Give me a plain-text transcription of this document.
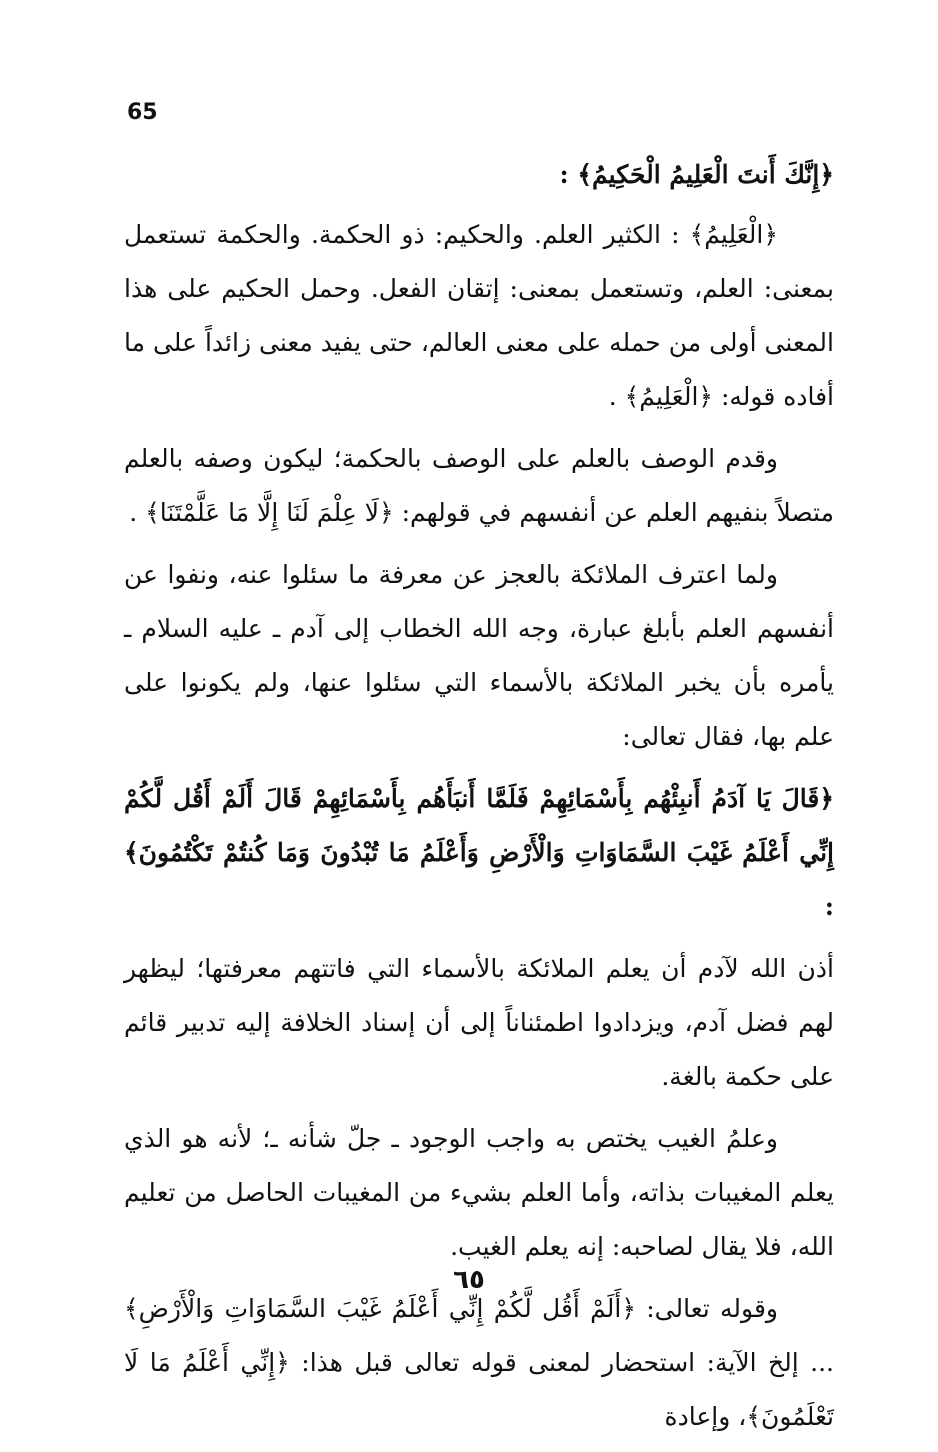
65

﴿إِنَّكَ أَنتَ الْعَلِيمُ الْحَكِيمُ﴾ :

﴿الْعَلِيمُ﴾ : الكثير العلم. والحكيم: ذو الحكمة. والحكمة تستعمل بمعنى: العلم، وتستعمل بمعنى: إتقان الفعل. وحمل الحكيم على هذا المعنى أولى من حمله على معنى العالم، حتى يفيد معنى زائداً على ما أفاده قوله: ﴿الْعَلِيمُ﴾ .

وقدم الوصف بالعلم على الوصف بالحكمة؛ ليكون وصفه بالعلم متصلاً بنفيهم العلم عن أنفسهم في قولهم: ﴿لَا عِلْمَ لَنَا إِلَّا مَا عَلَّمْتَنَا﴾ .

ولما اعترف الملائكة بالعجز عن معرفة ما سئلوا عنه، ونفوا عن أنفسهم العلم بأبلغ عبارة، وجه الله الخطاب إلى آدم ـ عليه السلام ـ يأمره بأن يخبر الملائكة بالأسماء التي سئلوا عنها، ولم يكونوا على علم بها، فقال تعالى:

﴿قَالَ يَا آدَمُ أَنبِئْهُم بِأَسْمَائِهِمْ فَلَمَّا أَنبَأَهُم بِأَسْمَائِهِمْ قَالَ أَلَمْ أَقُل لَّكُمْ إِنِّي أَعْلَمُ غَيْبَ السَّمَاوَاتِ وَالْأَرْضِ وَأَعْلَمُ مَا تُبْدُونَ وَمَا كُنتُمْ تَكْتُمُونَ﴾ :

أذن الله لآدم أن يعلم الملائكة بالأسماء التي فاتتهم معرفتها؛ ليظهر لهم فضل آدم، ويزدادوا اطمئناناً إلى أن إسناد الخلافة إليه تدبير قائم على حكمة بالغة.

وعلمُ الغيب يختص به واجب الوجود ـ جلّ شأنه ـ؛ لأنه هو الذي يعلم المغيبات بذاته، وأما العلم بشيء من المغيبات الحاصل من تعليم الله، فلا يقال لصاحبه: إنه يعلم الغيب.

وقوله تعالى: ﴿أَلَمْ أَقُل لَّكُمْ إِنِّي أَعْلَمُ غَيْبَ السَّمَاوَاتِ وَالْأَرْضِ﴾ ... إلخ الآية: استحضار لمعنى قوله تعالى قبل هذا: ﴿إِنِّي أَعْلَمُ مَا لَا تَعْلَمُونَ﴾، وإعادة

٦٥
